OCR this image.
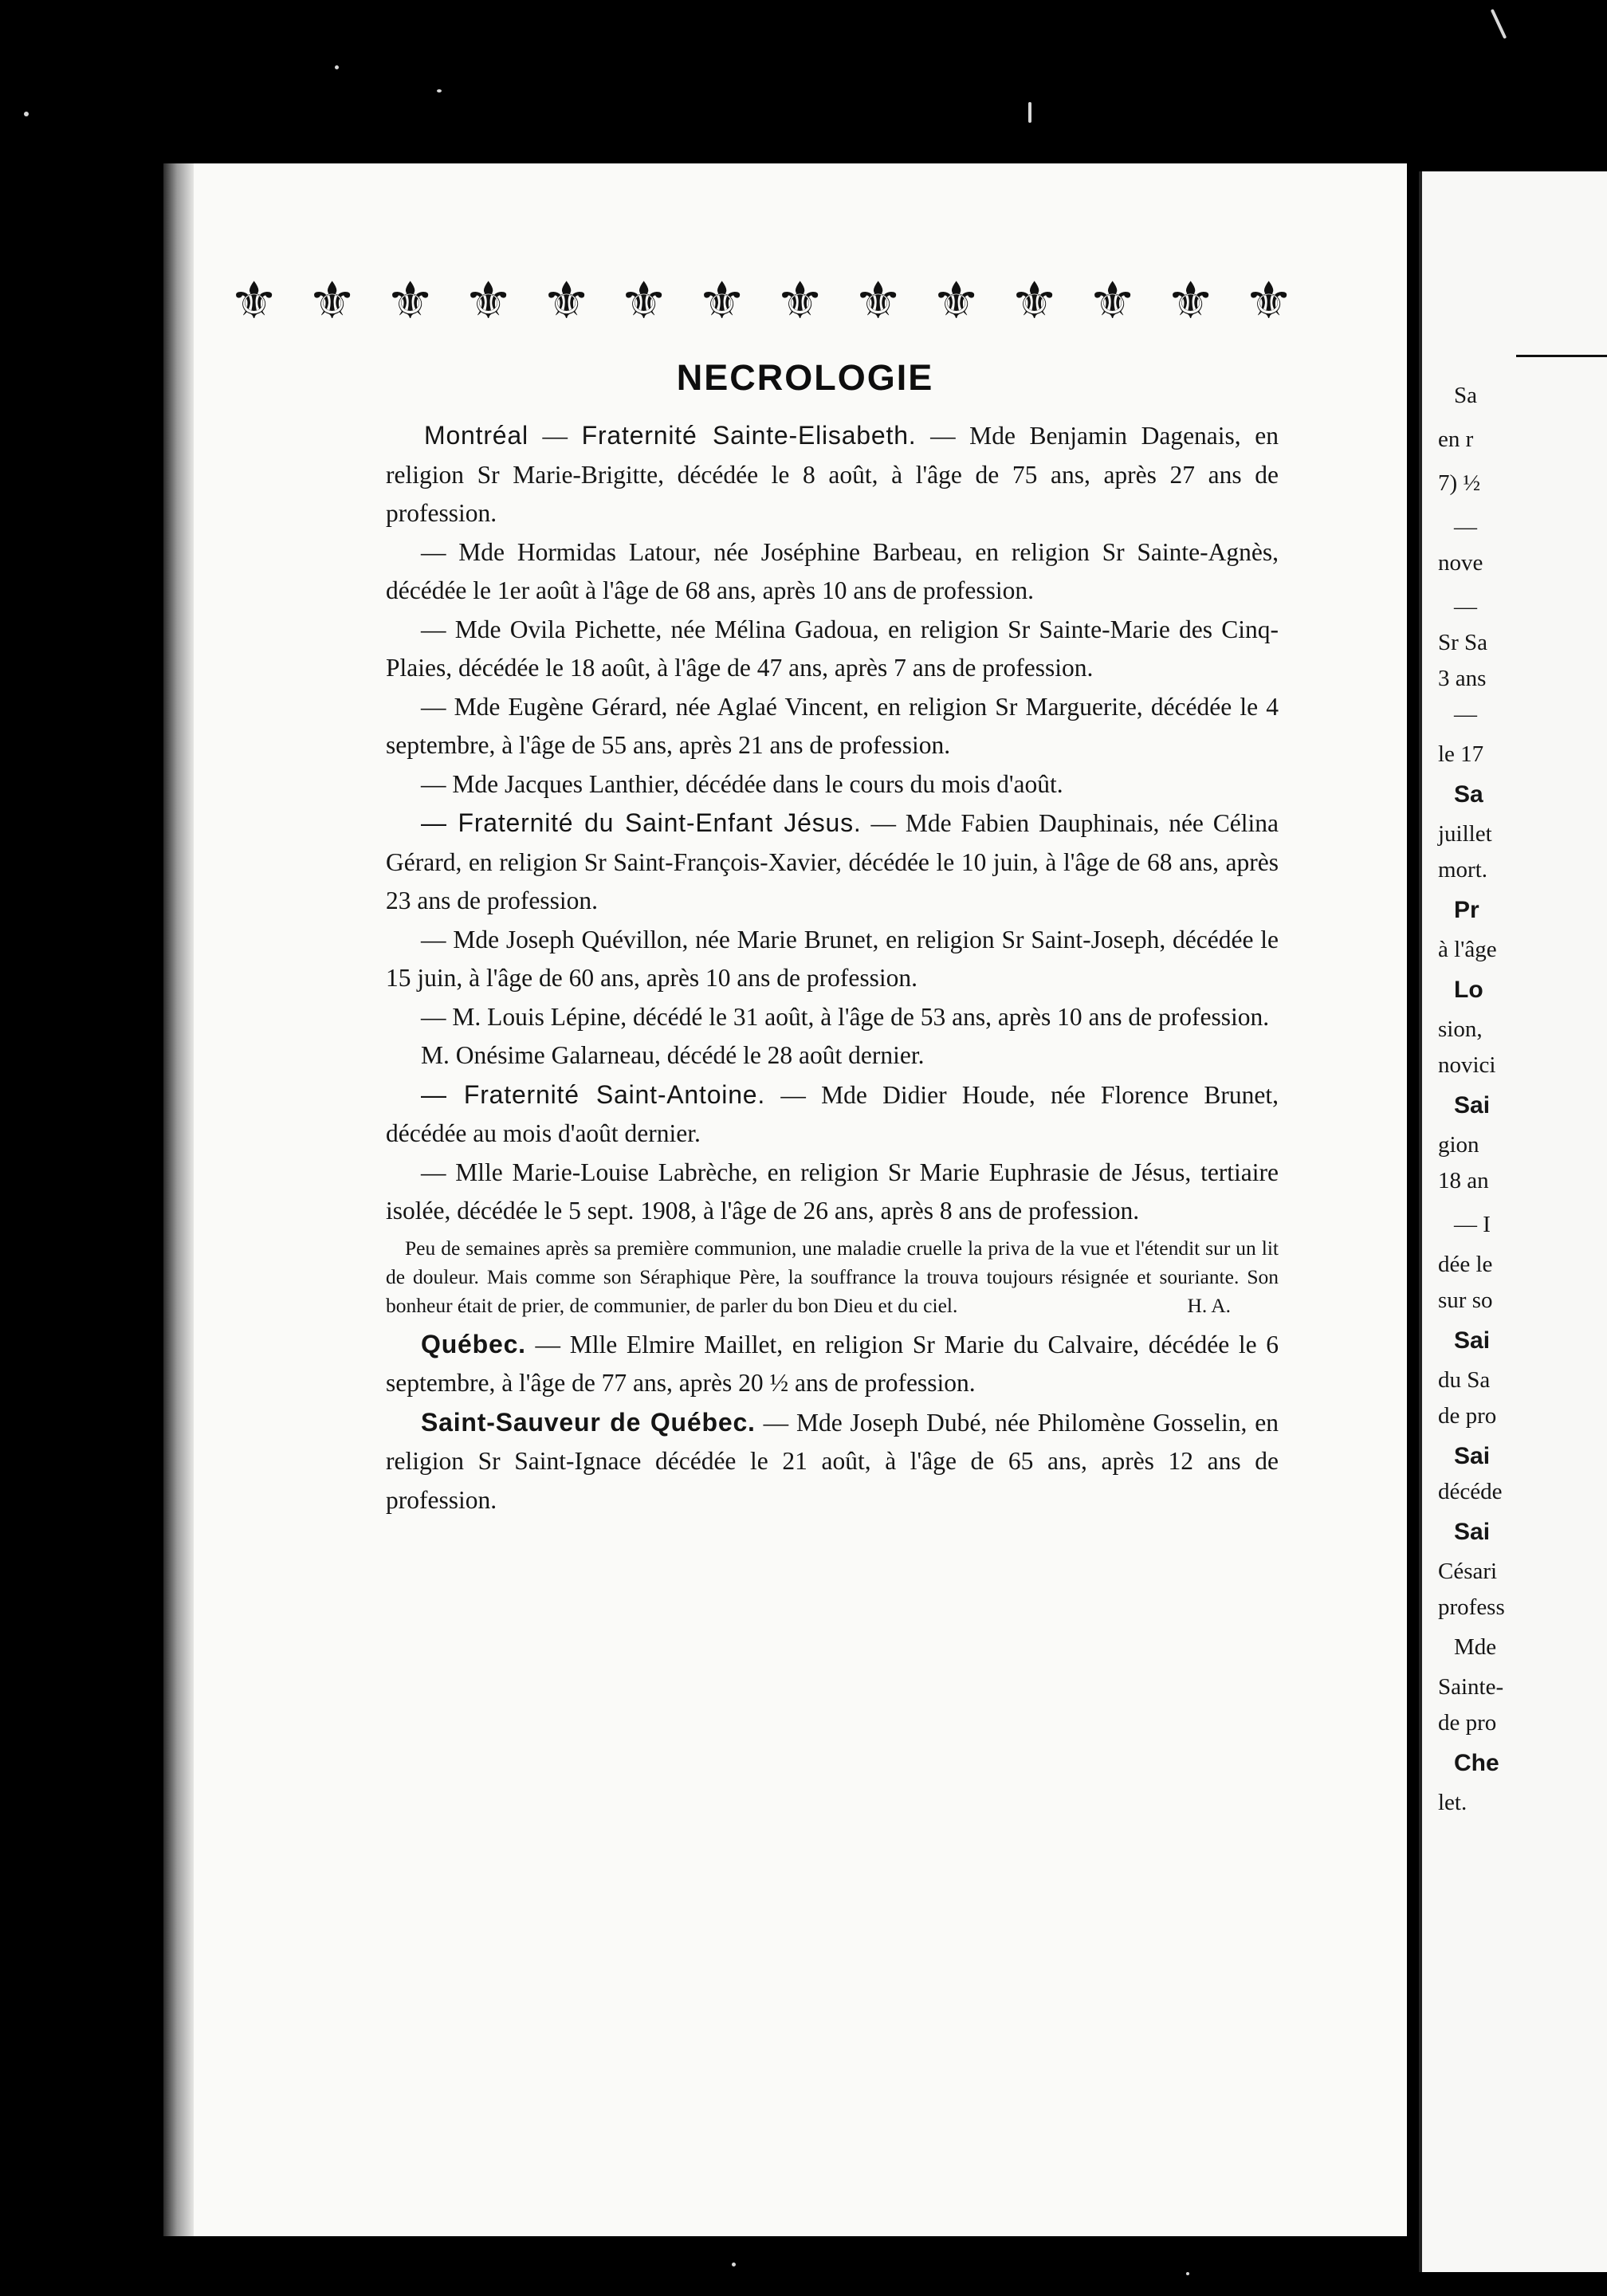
Sa
en r
7) ½
—
nove
—
Sr Sa
3 ans
—
le 17
Sa
juillet
mort.
Pr
à l'âge
Lo
sion,
novici
Sai
gion
18 an
— I
dée le
sur so
Sai
du Sa
de pro
Sai
décéde
Sai
Césari
profess
Mde
Sainte-
de pro
Che
let.
⚜ ⚜ ⚜ ⚜ ⚜ ⚜ ⚜ ⚜ ⚜ ⚜ ⚜ ⚜ ⚜ ⚜
NECROLOGIE

Montréal — Fraternité Sainte-Elisabeth. — Mde Benjamin Dagenais, en religion Sr Marie-Brigitte, décédée le 8 août, à l'âge de 75 ans, après 27 ans de profession.

— Mde Hormidas Latour, née Joséphine Barbeau, en religion Sr Sainte-Agnès, décédée le 1er août à l'âge de 68 ans, après 10 ans de profession.

— Mde Ovila Pichette, née Mélina Gadoua, en religion Sr Sainte-Marie des Cinq-Plaies, décédée le 18 août, à l'âge de 47 ans, après 7 ans de profession.

— Mde Eugène Gérard, née Aglaé Vincent, en religion Sr Marguerite, décédée le 4 septembre, à l'âge de 55 ans, après 21 ans de profession.

— Mde Jacques Lanthier, décédée dans le cours du mois d'août.

— Fraternité du Saint-Enfant Jésus. — Mde Fabien Dauphinais, née Célina Gérard, en religion Sr Saint-François-Xavier, décédée le 10 juin, à l'âge de 68 ans, après 23 ans de profession.

— Mde Joseph Quévillon, née Marie Brunet, en religion Sr Saint-Joseph, décédée le 15 juin, à l'âge de 60 ans, après 10 ans de profession.

— M. Louis Lépine, décédé le 31 août, à l'âge de 53 ans, après 10 ans de profession.

M. Onésime Galarneau, décédé le 28 août dernier.

— Fraternité Saint-Antoine. — Mde Didier Houde, née Florence Brunet, décédée au mois d'août dernier.

— Mlle Marie-Louise Labrèche, en religion Sr Marie Euphrasie de Jésus, tertiaire isolée, décédée le 5 sept. 1908, à l'âge de 26 ans, après 8 ans de profession.

Peu de semaines après sa première communion, une maladie cruelle la priva de la vue et l'étendit sur un lit de douleur. Mais comme son Séraphique Père, la souffrance la trouva toujours résignée et souriante. Son bonheur était de prier, de communier, de parler du bon Dieu et du ciel.	H. A.

Québec. — Mlle Elmire Maillet, en religion Sr Marie du Calvaire, décédée le 6 septembre, à l'âge de 77 ans, après 20 ½ ans de profession.

Saint-Sauveur de Québec. — Mde Joseph Dubé, née Philomène Gosselin, en religion Sr Saint-Ignace décédée le 21 août, à l'âge de 65 ans, après 12 ans de profession.
